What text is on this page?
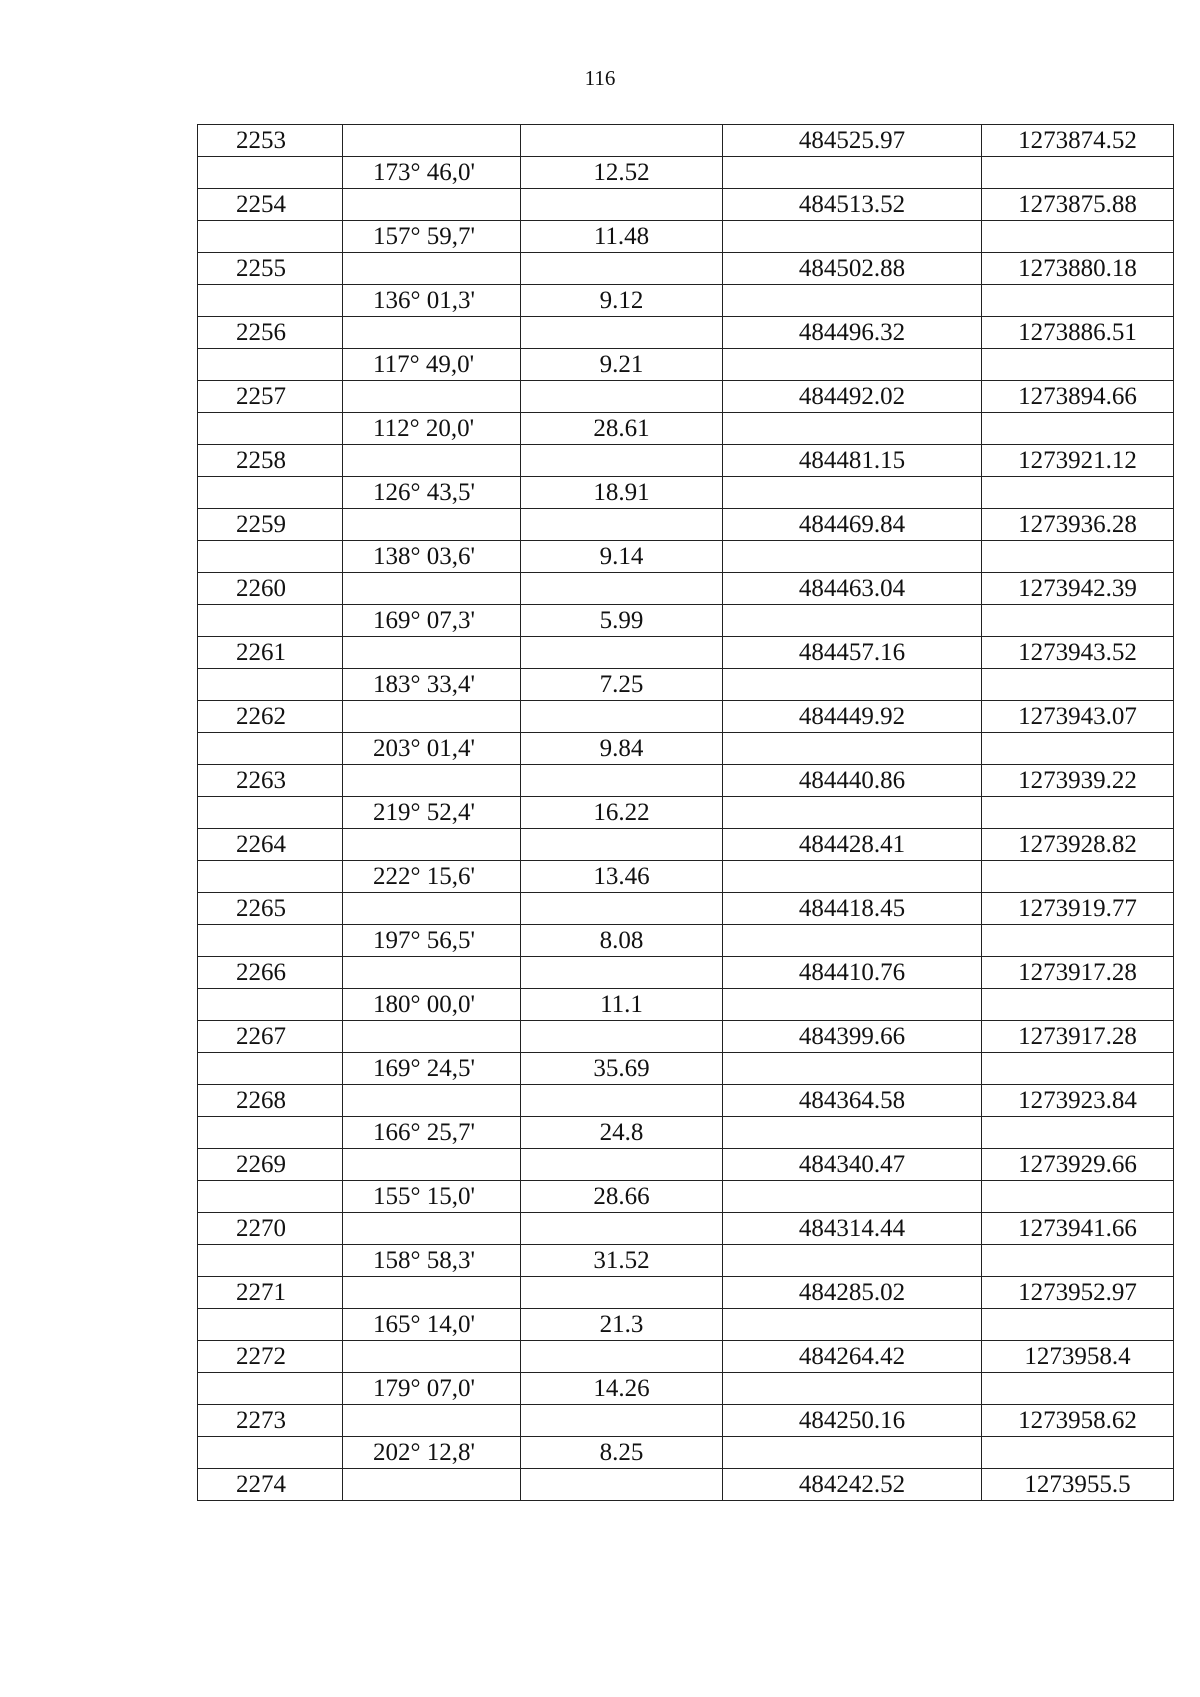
116
2253			484525.97	1273874.52
	173° 46,0'	12.52		
2254			484513.52	1273875.88
	157° 59,7'	11.48		
2255			484502.88	1273880.18
	136° 01,3'	9.12		
2256			484496.32	1273886.51
	117° 49,0'	9.21		
2257			484492.02	1273894.66
	112° 20,0'	28.61		
2258			484481.15	1273921.12
	126° 43,5'	18.91		
2259			484469.84	1273936.28
	138° 03,6'	9.14		
2260			484463.04	1273942.39
	169° 07,3'	5.99		
2261			484457.16	1273943.52
	183° 33,4'	7.25		
2262			484449.92	1273943.07
	203° 01,4'	9.84		
2263			484440.86	1273939.22
	219° 52,4'	16.22		
2264			484428.41	1273928.82
	222° 15,6'	13.46		
2265			484418.45	1273919.77
	197° 56,5'	8.08		
2266			484410.76	1273917.28
	180° 00,0'	11.1		
2267			484399.66	1273917.28
	169° 24,5'	35.69		
2268			484364.58	1273923.84
	166° 25,7'	24.8		
2269			484340.47	1273929.66
	155° 15,0'	28.66		
2270			484314.44	1273941.66
	158° 58,3'	31.52		
2271			484285.02	1273952.97
	165° 14,0'	21.3		
2272			484264.42	1273958.4
	179° 07,0'	14.26		
2273			484250.16	1273958.62
	202° 12,8'	8.25		
2274			484242.52	1273955.5
